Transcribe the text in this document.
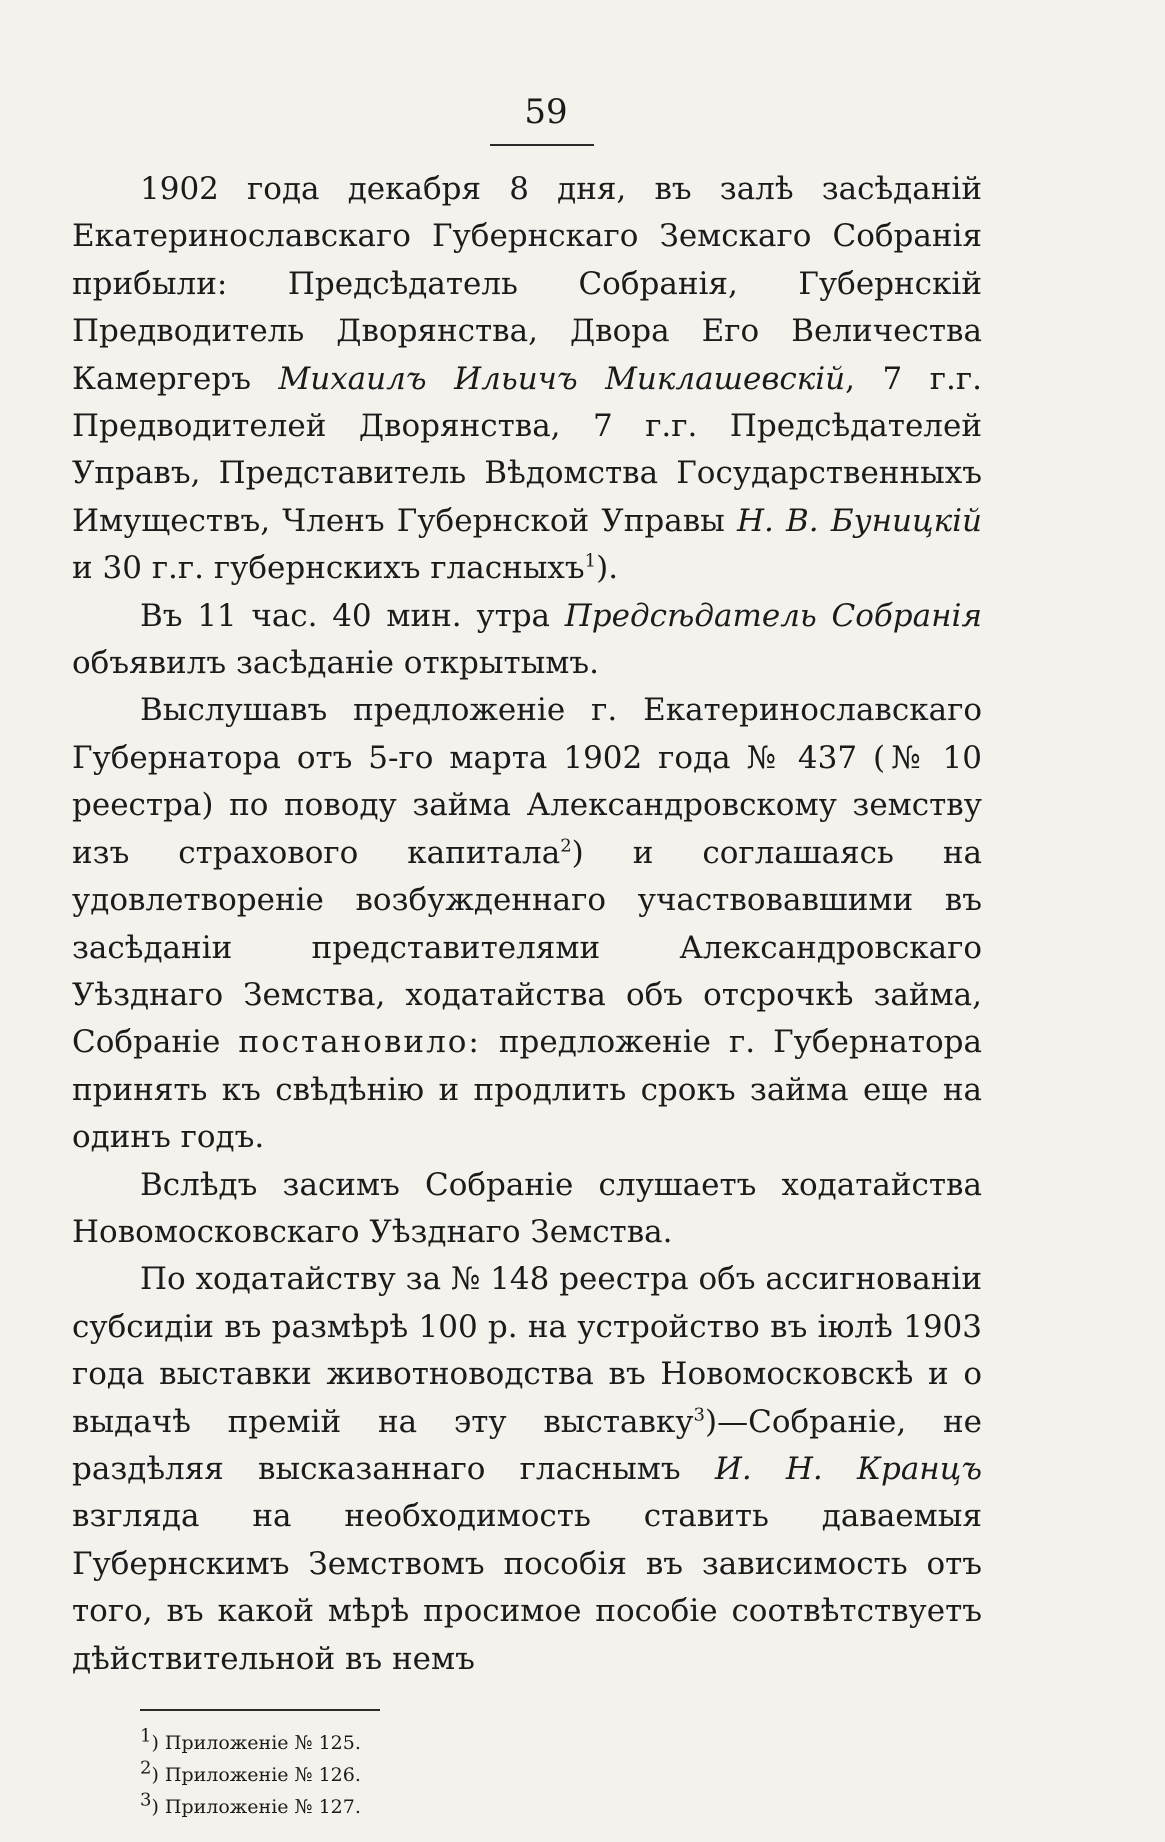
59

1902 года декабря 8 дня, въ залѣ засѣданій Екатеринославскаго Губернскаго Земскаго Собранія прибыли: Предсѣдатель Собранія, Губернскій Предводитель Дворянства, Двора Его Величества Камергеръ Михаилъ Ильичъ Миклашевскій, 7 г.г. Предводителей Дворянства, 7 г.г. Предсѣдателей Управъ, Представитель Вѣдомства Государственныхъ Имуществъ, Членъ Губернской Управы Н. В. Буницкій и 30 г.г. губернскихъ гласныхъ$^1$).

Въ 11 час. 40 мин. утра Предсѣдатель Собранія объявилъ засѣданіе открытымъ.

Выслушавъ предложеніе г. Екатеринославскаго Губернатора отъ 5-го марта 1902 года № 437 (№ 10 реестра) по поводу займа Александровскому земству изъ страхового капитала$^2$) и соглашаясь на удовлетвореніе возбужденнаго участвовавшими въ засѣданіи представителями Александровскаго Уѣзднаго Земства, ходатайства объ отсрочкѣ займа, Собраніе постановило: предложеніе г. Губернатора принять къ свѣдѣнію и продлить срокъ займа еще на одинъ годъ.

Вслѣдъ засимъ Собраніе слушаетъ ходатайства Новомосковскаго Уѣзднаго Земства.

По ходатайству за № 148 реестра объ ассигнованіи субсидіи въ размѣрѣ 100 р. на устройство въ іюлѣ 1903 года выставки животноводства въ Новомосковскѣ и о выдачѣ премій на эту выставку$^3$)—Собраніе, не раздѣляя высказаннаго гласнымъ И. Н. Кранцъ взгляда на необходимость ставить даваемыя Губернскимъ Земствомъ пособія въ зависимость отъ того, въ какой мѣрѣ просимое пособіе соотвѣтствуетъ дѣйствительной въ немъ

$^1$) Приложеніе № 125.
$^2$) Приложеніе № 126.
$^3$) Приложеніе № 127.
